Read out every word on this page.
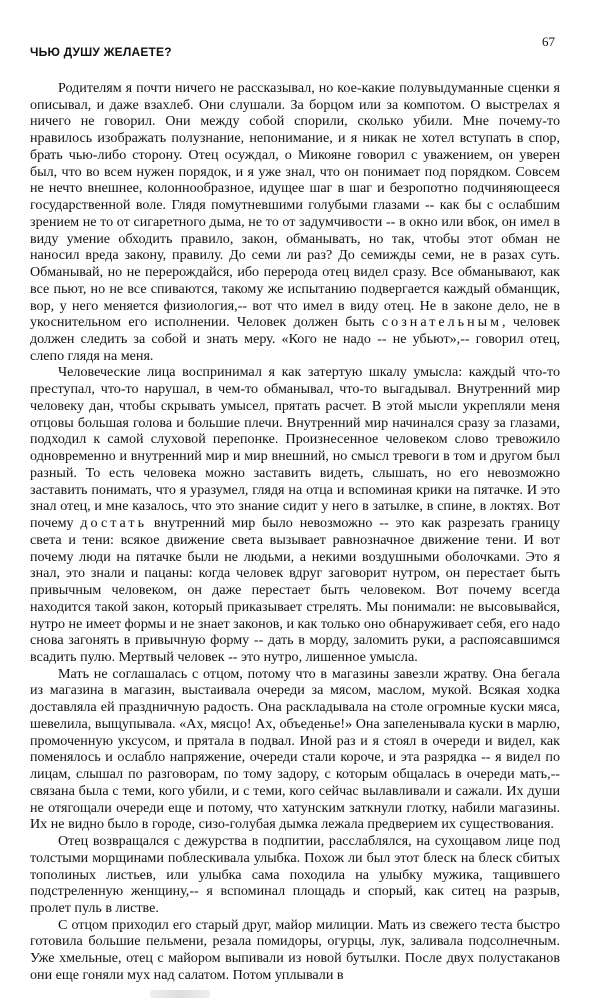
ЧЬЮ ДУШУ ЖЕЛАЕТЕ?
67

Родителям я почти ничего не рассказывал, но кое-какие полувыдуманные сценки я описывал, и даже взахлеб. Они слушали. За борцом или за компотом. О выстрелах я ничего не говорил. Они между собой спорили, сколько убили. Мне почему-то нравилось изображать полузнание, непонимание, и я никак не хотел вступать в спор, брать чью-либо сторону. Отец осуждал, о Микояне говорил с уважением, он уверен был, что во всем нужен порядок, и я уже знал, что он понимает под порядком. Совсем не нечто внешнее, колоннообразное, идущее шаг в шаг и безропотно подчиняющееся государственной воле. Глядя помутневшими голубыми глазами -- как бы с ослабшим зрением не то от сигаретного дыма, не то от задумчивости -- в окно или вбок, он имел в виду умение обходить правило, закон, обманывать, но так, чтобы этот обман не наносил вреда закону, правилу. До семи ли раз? До семижды семи, не в разах суть. Обманывай, но не перерождайся, ибо перерода отец видел сразу. Все обманывают, как все пьют, но не все спиваются, такому же испытанию подвергается каждый обманщик, вор, у него меняется физиология,-- вот что имел в виду отец. Не в законе дело, не в укоснительном его исполнении. Человек должен быть сознательным, человек должен следить за собой и знать меру. «Кого не надо -- не убьют»,-- говорил отец, слепо глядя на меня.

Человеческие лица воспринимал я как затертую шкалу умысла: каждый что-то преступал, что-то нарушал, в чем-то обманывал, что-то выгадывал. Внутренний мир человеку дан, чтобы скрывать умысел, прятать расчет. В этой мысли укрепляли меня отцовы большая голова и большие плечи. Внутренний мир начинался сразу за глазами, подходил к самой слуховой перепонке. Произнесенное человеком слово тревожило одновременно и внутренний мир и мир внешний, но смысл тревоги в том и другом был разный. То есть человека можно заставить видеть, слышать, но его невозможно заставить понимать, что я уразумел, глядя на отца и вспоминая крики на пятачке. И это знал отец, и мне казалось, что это знание сидит у него в затылке, в спине, в локтях. Вот почему достать внутренний мир было невозможно -- это как разрезать границу света и тени: всякое движение света вызывает равнозначное движение тени. И вот почему люди на пятачке были не людьми, а некими воздушными оболочками. Это я знал, это знали и пацаны: когда человек вдруг заговорит нутром, он перестает быть привычным человеком, он даже перестает быть человеком. Вот почему всегда находится такой закон, который приказывает стрелять. Мы понимали: не высовывайся, нутро не имеет формы и не знает законов, и как только оно обнаруживает себя, его надо снова загонять в привычную форму -- дать в морду, заломить руки, а распоясавшимся всадить пулю. Мертвый человек -- это нутро, лишенное умысла.

Мать не соглашалась с отцом, потому что в магазины завезли жратву. Она бегала из магазина в магазин, выстаивала очереди за мясом, маслом, мукой. Всякая ходка доставляла ей праздничную радость. Она раскладывала на столе огромные куски мяса, шевелила, выщупывала. «Ах, мясцо! Ах, объеденье!» Она запеленывала куски в марлю, промоченную уксусом, и прятала в подвал. Иной раз и я стоял в очереди и видел, как поменялось и ослабло напряжение, очереди стали короче, и эта разрядка -- я видел по лицам, слышал по разговорам, по тому задору, с которым общалась в очереди мать,-- связана была с теми, кого убили, и с теми, кого сейчас вылавливали и сажали. Их души не отягощали очереди еще и потому, что хатунским заткнули глотку, набили магазины. Их не видно было в городе, сизо-голубая дымка лежала предверием их существования.

Отец возвращался с дежурства в подпитии, расслаблялся, на сухощавом лице под толстыми морщинами поблескивала улыбка. Похож ли был этот блеск на блеск сбитых тополиных листьев, или улыбка сама походила на улыбку мужика, тащившего подстреленную женщину,-- я вспоминал площадь и спорый, как ситец на разрыв, пролет пуль в листве.

С отцом приходил его старый друг, майор милиции. Мать из свежего теста быстро готовила большие пельмени, резала помидоры, огурцы, лук, заливала подсолнечным. Уже хмельные, отец с майором выпивали из новой бутылки. После двух полустаканов они еще гоняли мух над салатом. Потом уплывали в
